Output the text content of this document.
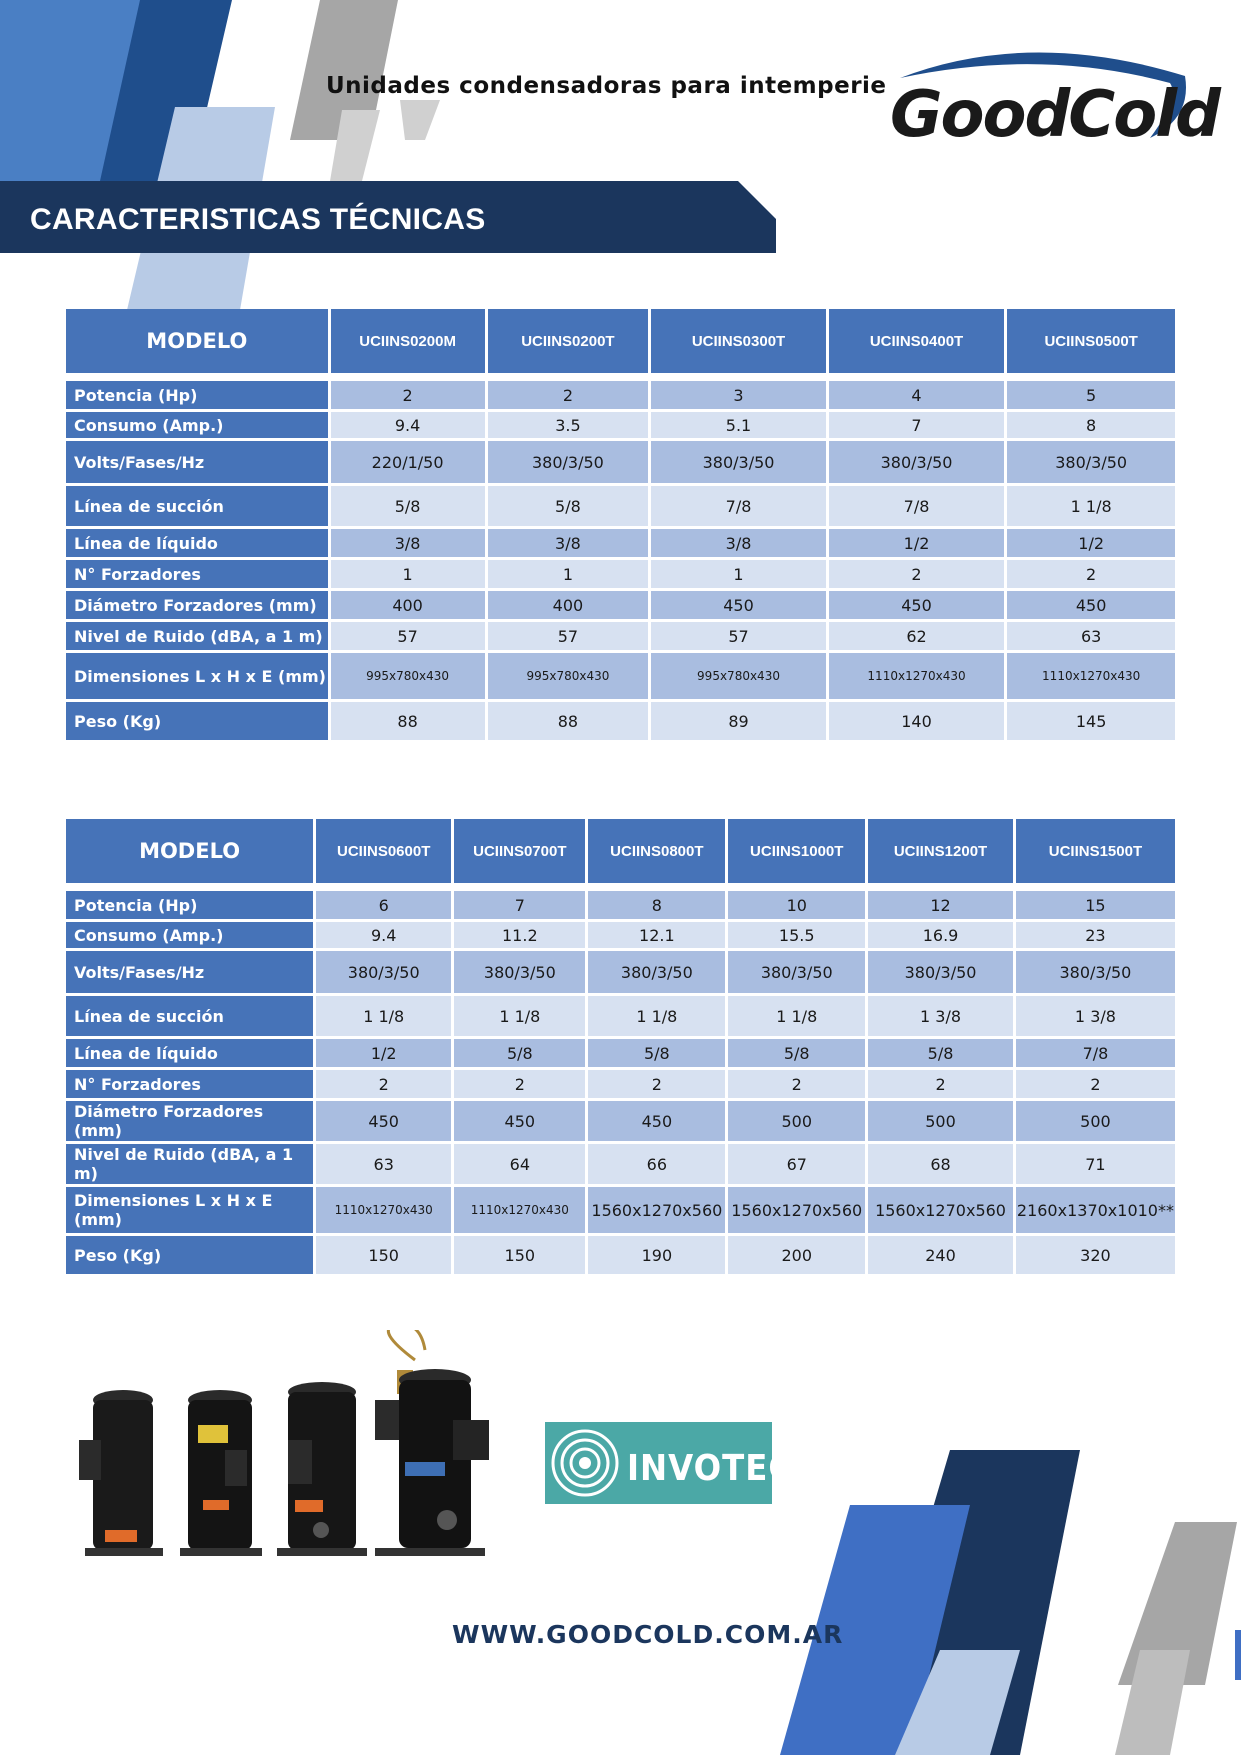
Unidades condensadoras para intemperie GoodCold
CARACTERISTICAS TÉCNICAS
MODELO	UCIINS0200M	UCIINS0200T	UCIINS0300T	UCIINS0400T	UCIINS0500T

Potencia (Hp)	2	2	3	4	5
Consumo (Amp.)	9.4	3.5	5.1	7	8
Volts/Fases/Hz	220/1/50	380/3/50	380/3/50	380/3/50	380/3/50
Línea de succión	5/8	5/8	7/8	7/8	1 1/8
Línea de líquido	3/8	3/8	3/8	1/2	1/2
N° Forzadores	1	1	1	2	2
Diámetro Forzadores (mm)	400	400	450	450	450
Nivel de Ruido (dBA, a 1 m)	57	57	57	62	63
Dimensiones L x H x E (mm)	995x780x430	995x780x430	995x780x430	1110x1270x430	1110x1270x430
Peso (Kg)	88	88	89	140	145
MODELO	UCIINS0600T	UCIINS0700T	UCIINS0800T	UCIINS1000T	UCIINS1200T	UCIINS1500T

Potencia (Hp)	6	7	8	10	12	15
Consumo (Amp.)	9.4	11.2	12.1	15.5	16.9	23
Volts/Fases/Hz	380/3/50	380/3/50	380/3/50	380/3/50	380/3/50	380/3/50
Línea de succión	1 1/8	1 1/8	1 1/8	1 1/8	1 3/8	1 3/8
Línea de líquido	1/2	5/8	5/8	5/8	5/8	7/8
N° Forzadores	2	2	2	2	2	2
Diámetro Forzadores (mm)	450	450	450	500	500	500
Nivel de Ruido (dBA, a 1 m)	63	64	66	67	68	71
Dimensiones L x H x E (mm)	1110x1270x430	1110x1270x430	1560x1270x560	1560x1270x560	1560x1270x560	2160x1370x1010**
Peso (Kg)	150	150	190	200	240	320
INVOTECH
WWW.GOODCOLD.COM.AR
